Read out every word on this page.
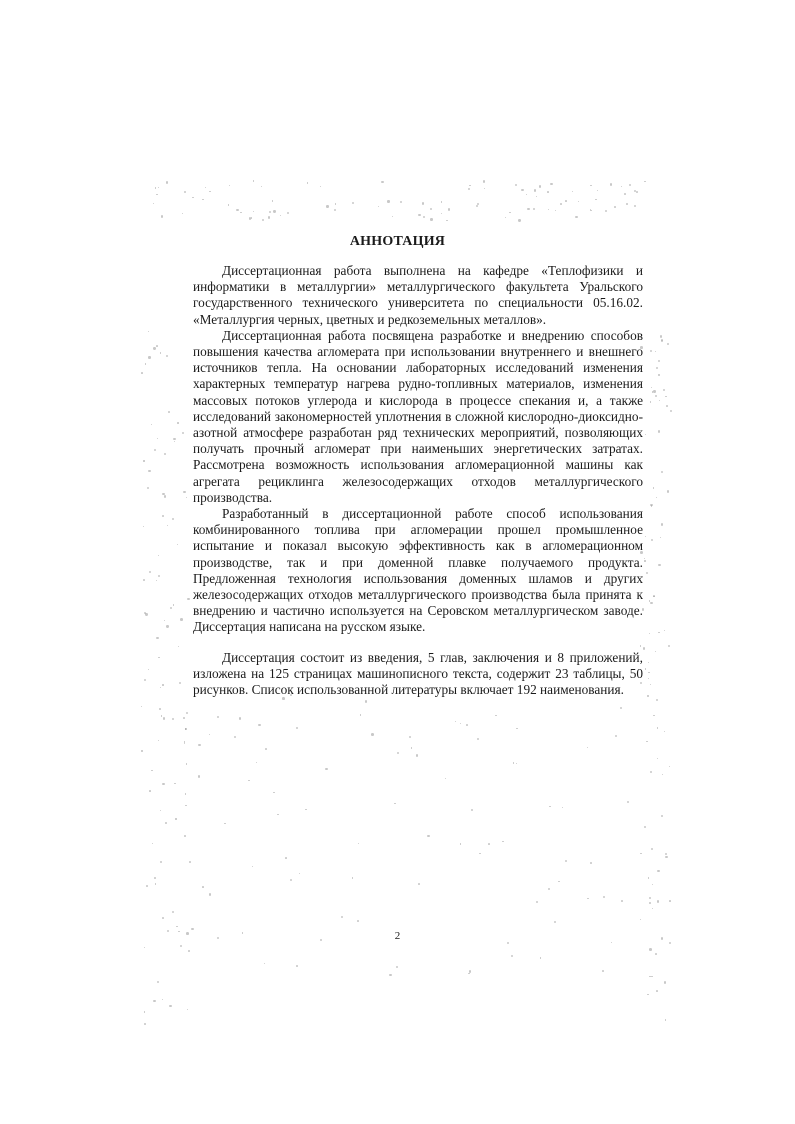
АННОТАЦИЯ

Диссертационная работа выполнена на кафедре «Теплофизики и информатики в металлургии» металлургического факультета Уральского государственного технического университета по специальности 05.16.02. «Металлургия черных, цветных и редкоземельных металлов».

Диссертационная работа посвящена разработке и внедрению способов повышения качества агломерата при использовании внутреннего и внешнего источников тепла. На основании лабораторных исследований изменения характерных температур нагрева рудно-топливных материалов, изменения массовых потоков углерода и кислорода в процессе спекания и, а также исследований закономерностей уплотнения в сложной кислородно-диоксидно-азотной атмосфере разработан ряд технических мероприятий, позволяющих получать прочный агломерат при наименьших энергетических затратах. Рассмотрена возможность использования агломерационной машины как агрегата рециклинга железосодержащих отходов металлургического производства.

Разработанный в диссертационной работе способ использования комбинированного топлива при агломерации прошел промышленное испытание и показал высокую эффективность как в агломерационном производстве, так и при доменной плавке получаемого продукта. Предложенная технология использования доменных шламов и других железосодержащих отходов металлургического производства была принята к внедрению и частично используется на Серовском металлургическом заводе. Диссертация написана на русском языке.

Диссертация состоит из введения, 5 глав, заключения и 8 приложений, изложена на 125 страницах машинописного текста, содержит 23 таблицы, 50 рисунков. Список использованной литературы включает 192 наименования.

2
